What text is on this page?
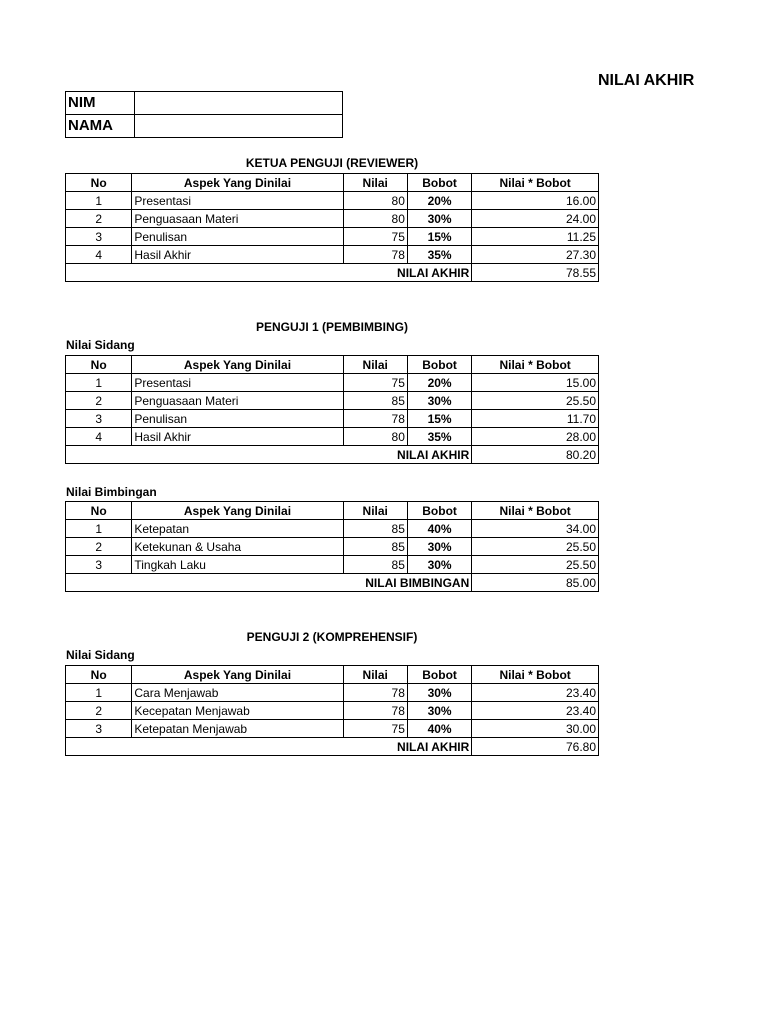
NILAI AKHIR
NIM	
NAMA	
KETUA PENGUJI (REVIEWER)
No	Aspek Yang Dinilai	Nilai	Bobot	Nilai * Bobot
1	Presentasi	80	20%	16.00
2	Penguasaan Materi	80	30%	24.00
3	Penulisan	75	15%	11.25
4	Hasil Akhir	78	35%	27.30
NILAI AKHIR				78.55
PENGUJI 1 (PEMBIMBING)
Nilai Sidang
No	Aspek Yang Dinilai	Nilai	Bobot	Nilai * Bobot
1	Presentasi	75	20%	15.00
2	Penguasaan Materi	85	30%	25.50
3	Penulisan	78	15%	11.70
4	Hasil Akhir	80	35%	28.00
NILAI AKHIR				80.20
Nilai Bimbingan
No	Aspek Yang Dinilai	Nilai	Bobot	Nilai * Bobot
1	Ketepatan	85	40%	34.00
2	Ketekunan & Usaha	85	30%	25.50
3	Tingkah Laku	85	30%	25.50
NILAI BIMBINGAN				85.00
PENGUJI 2 (KOMPREHENSIF)
Nilai Sidang
No	Aspek Yang Dinilai	Nilai	Bobot	Nilai * Bobot
1	Cara Menjawab	78	30%	23.40
2	Kecepatan Menjawab	78	30%	23.40
3	Ketepatan Menjawab	75	40%	30.00
NILAI AKHIR				76.80
